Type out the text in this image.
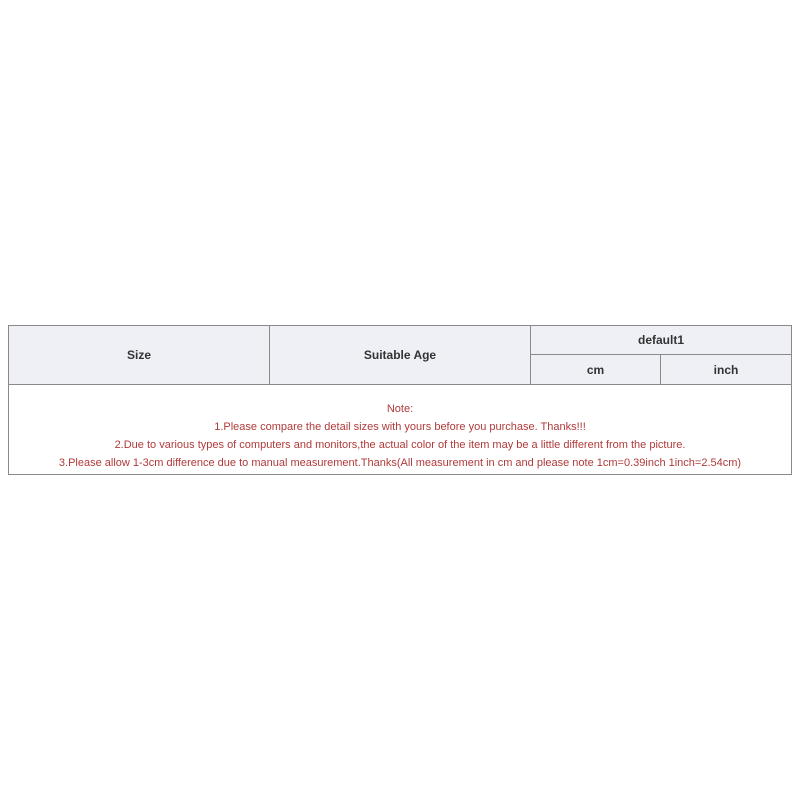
Size	Suitable Age
default1
cm	inch
Note:
1.Please compare the detail sizes with yours before you purchase. Thanks!!!
2.Due to various types of computers and monitors,the actual color of the item may be a little different from the picture.
3.Please allow 1-3cm difference due to manual measurement.Thanks(All measurement in cm and please note 1cm=0.39inch 1inch=2.54cm)
